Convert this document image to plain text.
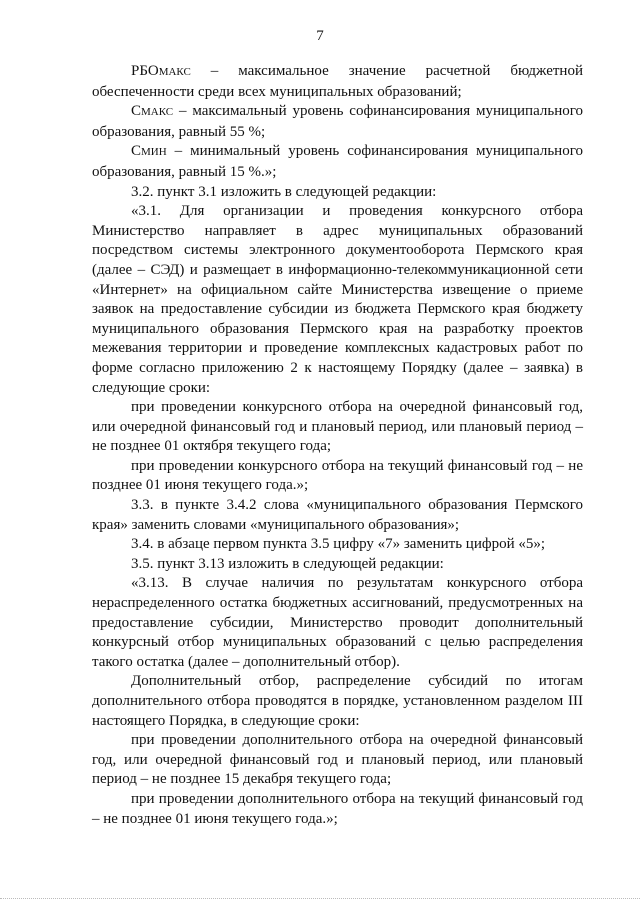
7

РБОМАКС – максимальное значение расчетной бюджетной обеспеченности среди всех муниципальных образований;

СМАКС – максимальный уровень софинансирования муниципального образования, равный 55 %;

СМИН – минимальный уровень софинансирования муниципального образования, равный 15 %.»;

3.2. пункт 3.1 изложить в следующей редакции:

«3.1. Для организации и проведения конкурсного отбора Министерство направляет в адрес муниципальных образований посредством системы электронного документооборота Пермского края (далее – СЭД) и размещает в информационно-телекоммуникационной сети «Интернет» на официальном сайте Министерства извещение о приеме заявок на предоставление субсидии из бюджета Пермского края бюджету муниципального образования Пермского края на разработку проектов межевания территории и проведение комплексных кадастровых работ по форме согласно приложению 2 к настоящему Порядку (далее – заявка) в следующие сроки:

при проведении конкурсного отбора на очередной финансовый год, или очередной финансовый год и плановый период, или плановый период – не позднее 01 октября текущего года;

при проведении конкурсного отбора на текущий финансовый год – не позднее 01 июня текущего года.»;

3.3. в пункте 3.4.2 слова «муниципального образования Пермского края» заменить словами «муниципального образования»;

3.4. в абзаце первом пункта 3.5 цифру «7» заменить цифрой «5»;

3.5. пункт 3.13 изложить в следующей редакции:

«3.13. В случае наличия по результатам конкурсного отбора нераспределенного остатка бюджетных ассигнований, предусмотренных на предоставление субсидии, Министерство проводит дополнительный конкурсный отбор муниципальных образований с целью распределения такого остатка (далее – дополнительный отбор).

Дополнительный отбор, распределение субсидий по итогам дополнительного отбора проводятся в порядке, установленном разделом III настоящего Порядка, в следующие сроки:

при проведении дополнительного отбора на очередной финансовый год, или очередной финансовый год и плановый период, или плановый период – не позднее 15 декабря текущего года;

при проведении дополнительного отбора на текущий финансовый год – не позднее 01 июня текущего года.»;
